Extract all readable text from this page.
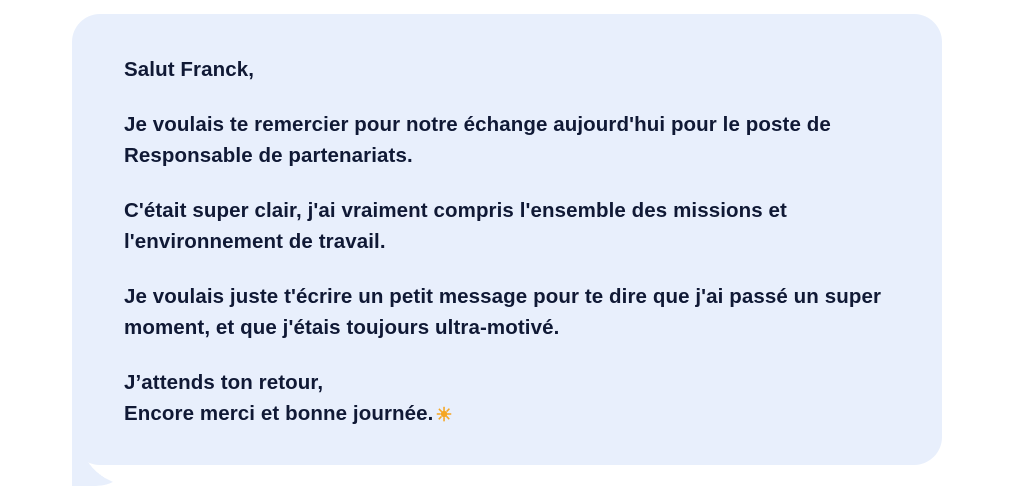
Salut Franck,

Je voulais te remercier pour notre échange aujourd'hui pour le poste de Responsable de partenariats.

C'était super clair, j'ai vraiment compris l'ensemble des missions et l'environnement de travail.

Je voulais juste t'écrire un petit message pour te dire que j'ai passé un super moment, et que j'étais toujours ultra-motivé.

J’attends ton retour,
Encore merci et bonne journée. ☀
